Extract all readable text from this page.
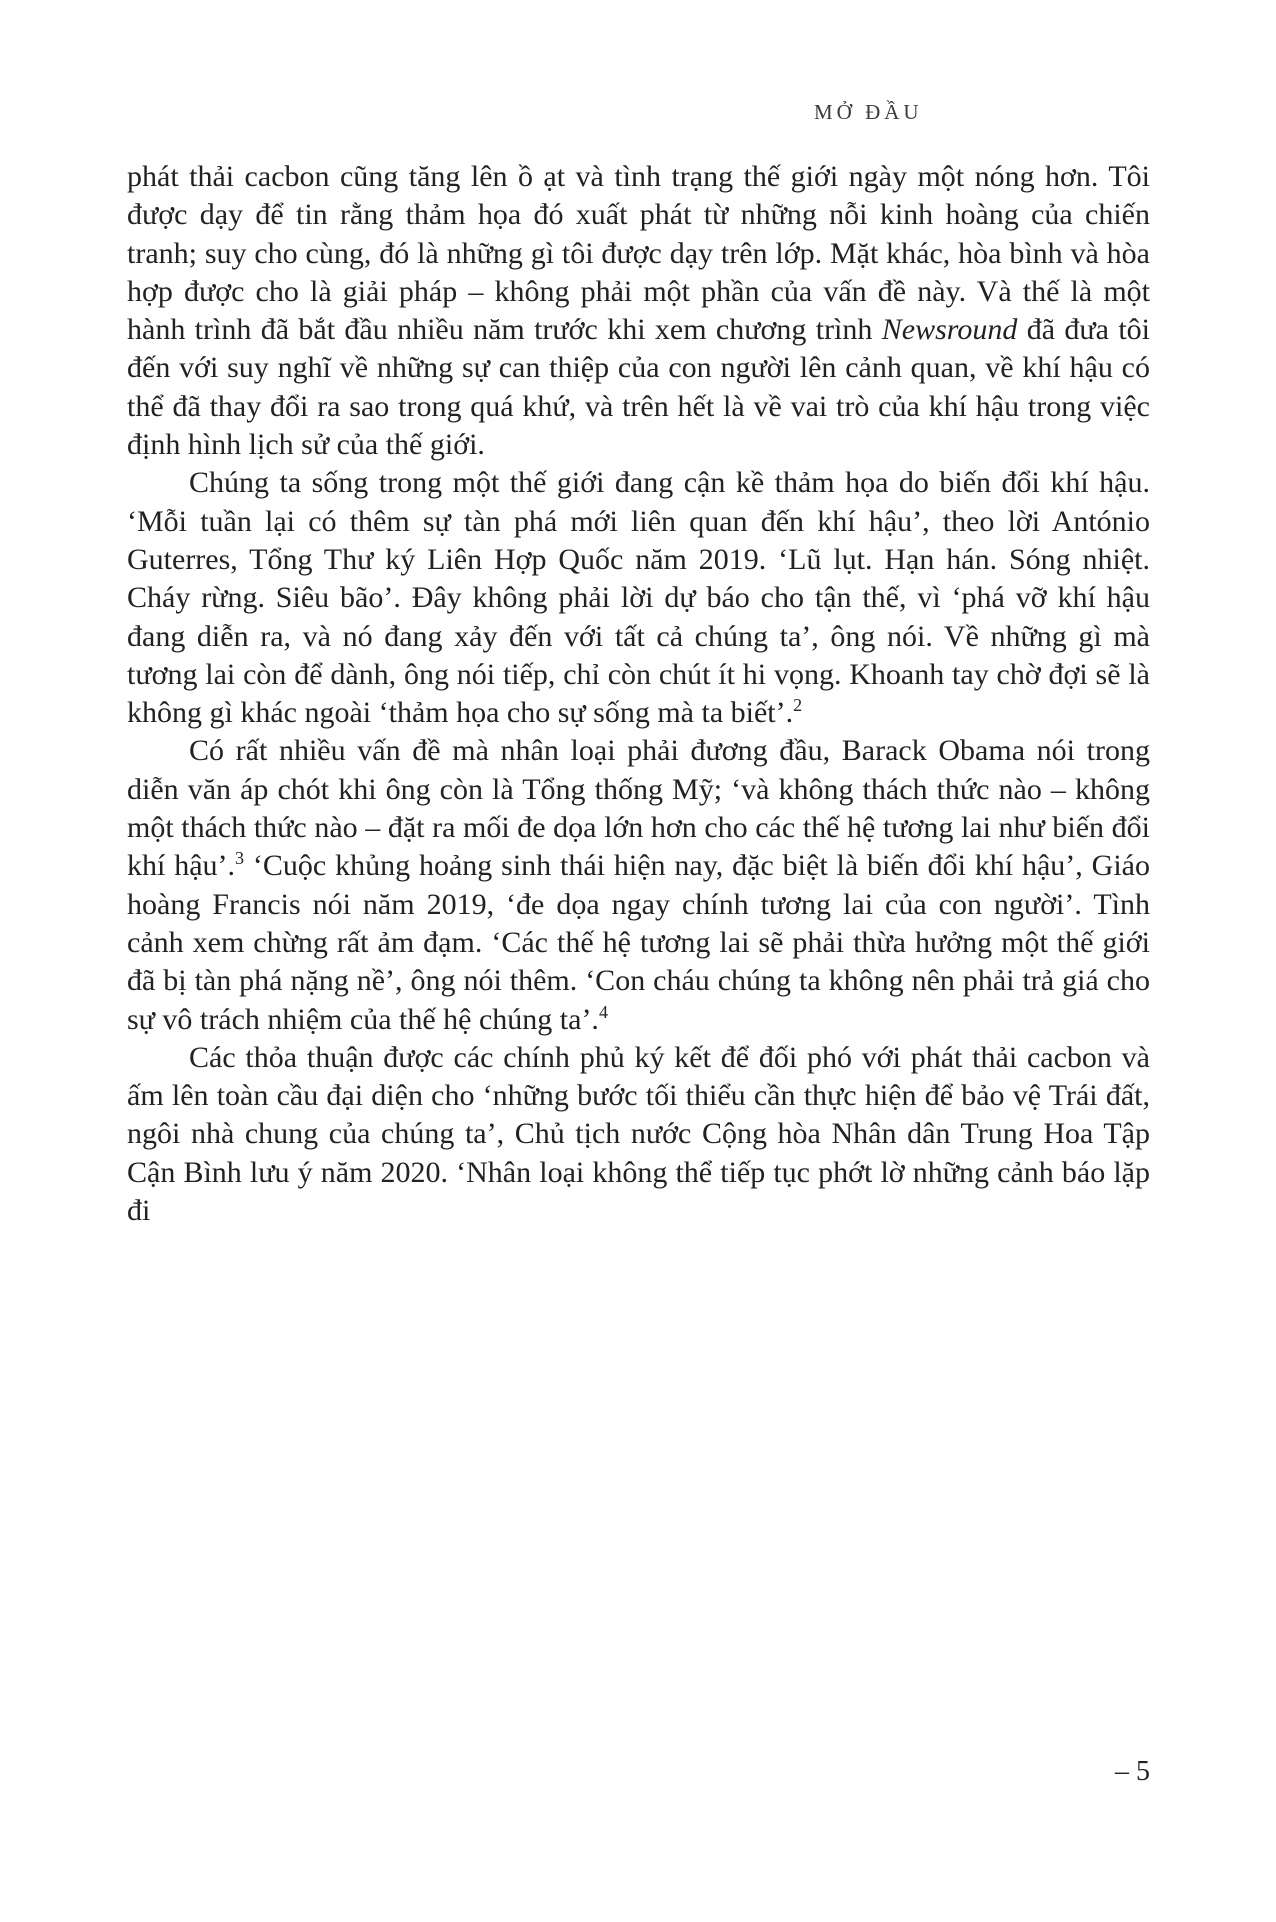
MỞ ĐẦU

phát thải cacbon cũng tăng lên ồ ạt và tình trạng thế giới ngày một nóng hơn. Tôi được dạy để tin rằng thảm họa đó xuất phát từ những nỗi kinh hoàng của chiến tranh; suy cho cùng, đó là những gì tôi được dạy trên lớp. Mặt khác, hòa bình và hòa hợp được cho là giải pháp – không phải một phần của vấn đề này. Và thế là một hành trình đã bắt đầu nhiều năm trước khi xem chương trình Newsround đã đưa tôi đến với suy nghĩ về những sự can thiệp của con người lên cảnh quan, về khí hậu có thể đã thay đổi ra sao trong quá khứ, và trên hết là về vai trò của khí hậu trong việc định hình lịch sử của thế giới.

Chúng ta sống trong một thế giới đang cận kề thảm họa do biến đổi khí hậu. ‘Mỗi tuần lại có thêm sự tàn phá mới liên quan đến khí hậu’, theo lời António Guterres, Tổng Thư ký Liên Hợp Quốc năm 2019. ‘Lũ lụt. Hạn hán. Sóng nhiệt. Cháy rừng. Siêu bão’. Đây không phải lời dự báo cho tận thế, vì ‘phá vỡ khí hậu đang diễn ra, và nó đang xảy đến với tất cả chúng ta’, ông nói. Về những gì mà tương lai còn để dành, ông nói tiếp, chỉ còn chút ít hi vọng. Khoanh tay chờ đợi sẽ là không gì khác ngoài ‘thảm họa cho sự sống mà ta biết’.$^2$

Có rất nhiều vấn đề mà nhân loại phải đương đầu, Barack Obama nói trong diễn văn áp chót khi ông còn là Tổng thống Mỹ; ‘và không thách thức nào – không một thách thức nào – đặt ra mối đe dọa lớn hơn cho các thế hệ tương lai như biến đổi khí hậu’.$^3$ ‘Cuộc khủng hoảng sinh thái hiện nay, đặc biệt là biến đổi khí hậu’, Giáo hoàng Francis nói năm 2019, ‘đe dọa ngay chính tương lai của con người’. Tình cảnh xem chừng rất ảm đạm. ‘Các thế hệ tương lai sẽ phải thừa hưởng một thế giới đã bị tàn phá nặng nề’, ông nói thêm. ‘Con cháu chúng ta không nên phải trả giá cho sự vô trách nhiệm của thế hệ chúng ta’.$^4$

Các thỏa thuận được các chính phủ ký kết để đối phó với phát thải cacbon và ấm lên toàn cầu đại diện cho ‘những bước tối thiểu cần thực hiện để bảo vệ Trái đất, ngôi nhà chung của chúng ta’, Chủ tịch nước Cộng hòa Nhân dân Trung Hoa Tập Cận Bình lưu ý năm 2020. ‘Nhân loại không thể tiếp tục phớt lờ những cảnh báo lặp đi

– 5
